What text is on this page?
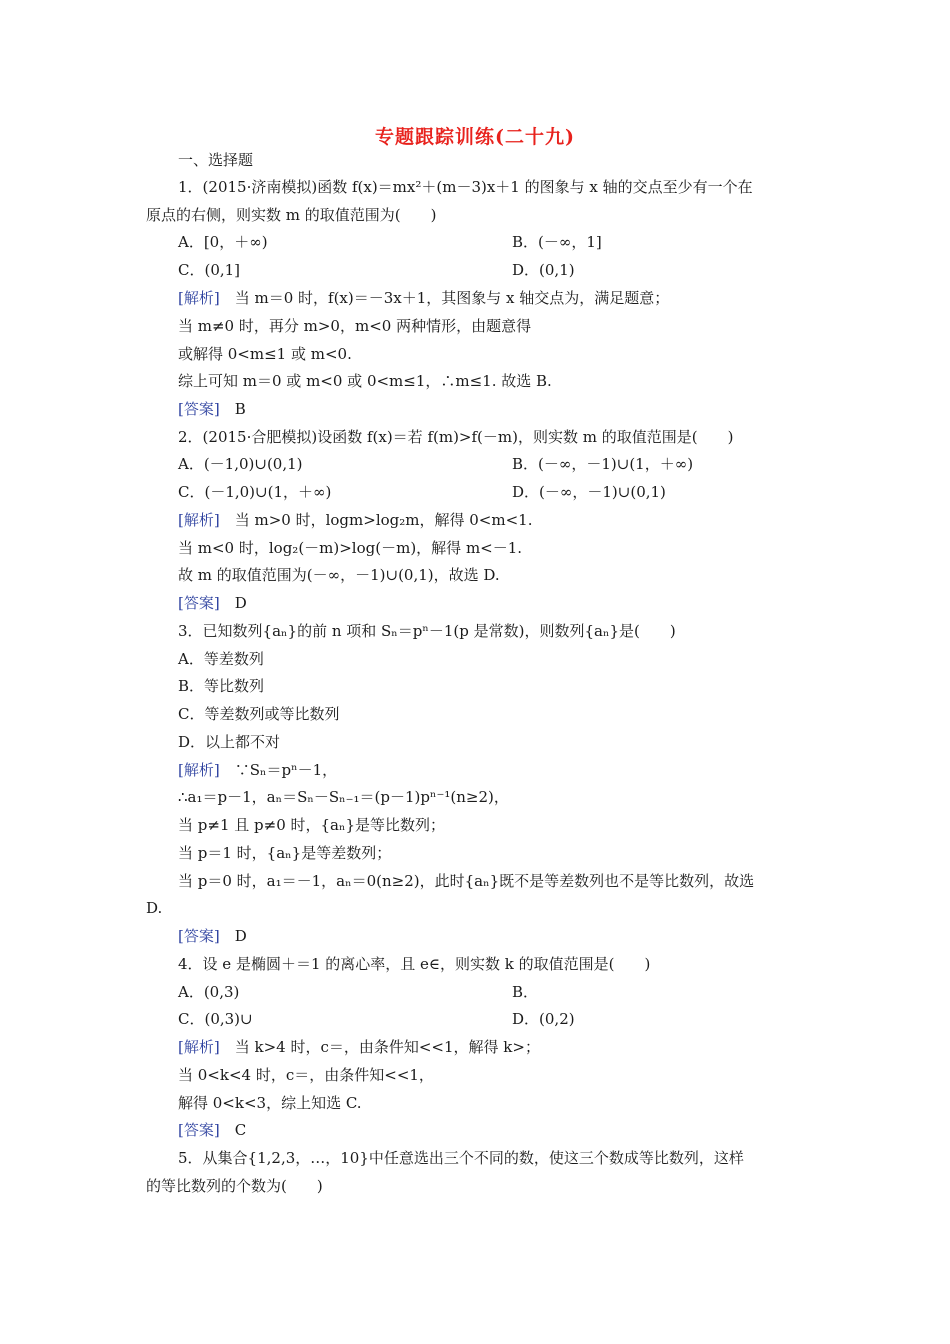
专题跟踪训练(二十九)
一、选择题
1．(2015·济南模拟)函数 f(x)＝mx²＋(m－3)x＋1 的图象与 x 轴的交点至少有一个在
原点的右侧，则实数 m 的取值范围为(　　)
A．[0，＋∞)	B．(－∞，1]
C．(0,1]	D．(0,1)
[解析]　当 m＝0 时，f(x)＝－3x＋1，其图象与 x 轴交点为，满足题意；
当 m≠0 时，再分 m>0，m<0 两种情形，由题意得
或解得 0<m≤1 或 m<0.
综上可知 m＝0 或 m<0 或 0<m≤1，∴m≤1. 故选 B.
[答案]　B
2．(2015·合肥模拟)设函数 f(x)＝若 f(m)>f(－m)，则实数 m 的取值范围是(　　)
A．(－1,0)∪(0,1)	B．(－∞，－1)∪(1，＋∞)
C．(－1,0)∪(1，＋∞)	D．(－∞，－1)∪(0,1)
[解析]　当 m>0 时，logm>log₂m，解得 0<m<1.
当 m<0 时，log₂(－m)>log(－m)，解得 m<－1.
故 m 的取值范围为(－∞，－1)∪(0,1)，故选 D.
[答案]　D
3．已知数列{aₙ}的前 n 项和 Sₙ＝pⁿ－1(p 是常数)，则数列{aₙ}是(　　)
A．等差数列
B．等比数列
C．等差数列或等比数列
D．以上都不对
[解析]　∵Sₙ＝pⁿ－1，
∴a₁＝p－1，aₙ＝Sₙ－Sₙ₋₁＝(p－1)pⁿ⁻¹(n≥2)，
当 p≠1 且 p≠0 时，{aₙ}是等比数列；
当 p＝1 时，{aₙ}是等差数列；
当 p＝0 时，a₁＝－1，aₙ＝0(n≥2)，此时{aₙ}既不是等差数列也不是等比数列，故选
D.
[答案]　D
4．设 e 是椭圆＋＝1 的离心率，且 e∈，则实数 k 的取值范围是(　　)
A．(0,3)	B．
C．(0,3)∪	D．(0,2)
[解析]　当 k>4 时，c＝，由条件知<<1，解得 k>；
当 0<k<4 时，c＝，由条件知<<1，
解得 0<k<3，综上知选 C.
[答案]　C
5．从集合{1,2,3，…，10}中任意选出三个不同的数，使这三个数成等比数列，这样
的等比数列的个数为(　　)
